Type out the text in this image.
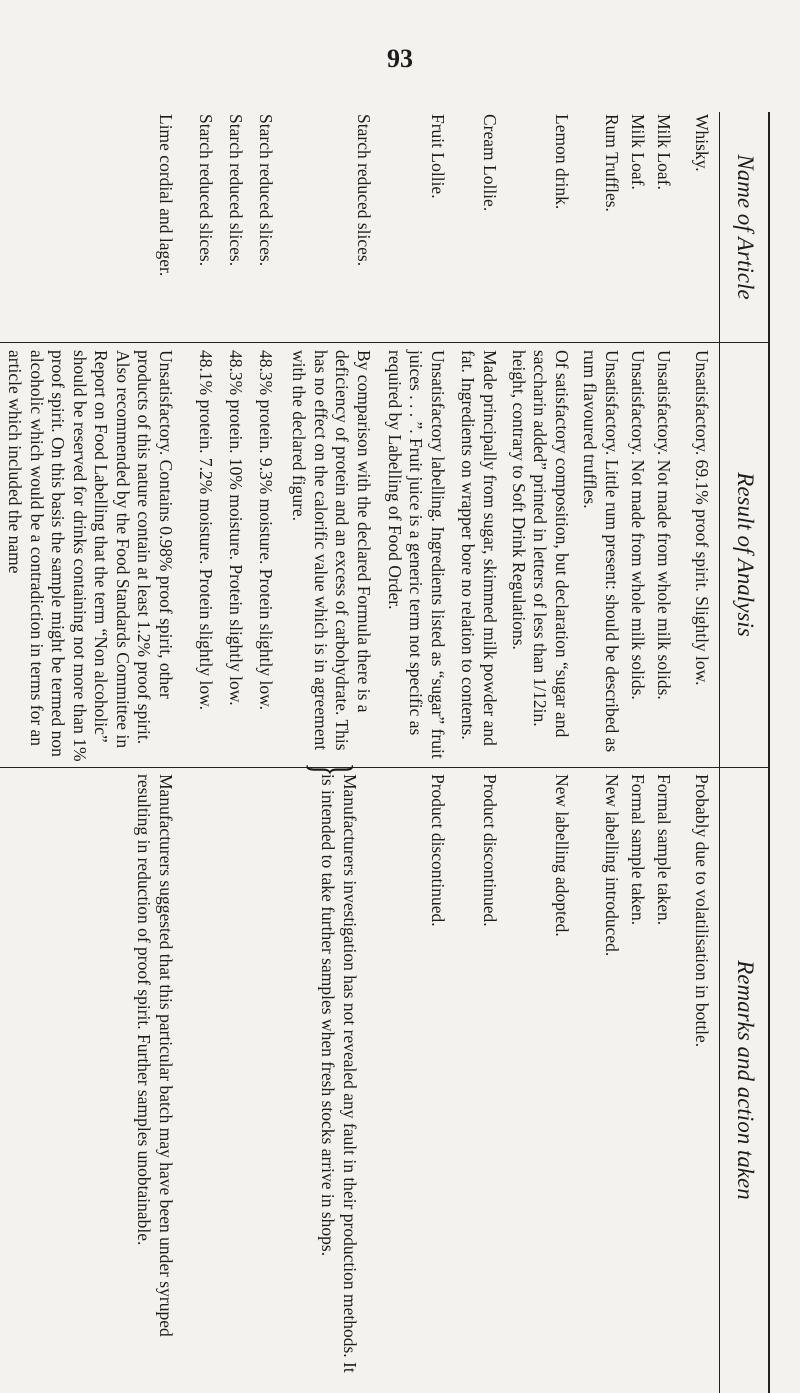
93
Name of Article
Result of Analysis
Remarks and action taken
Whisky.
Unsatisfactory. 69.1% proof spirit. Slightly low.
Probably due to volatilisation in bottle.
Milk Loaf.
Unsatisfactory. Not made from whole milk solids.
Formal sample taken.
Milk Loaf.
Unsatisfactory. Not made from whole milk solids.
Formal sample taken.
Rum Truffles.
Unsatisfactory. Little rum present: should be described as rum flavoured truffles.
New labelling introduced.
Lemon drink.
Of satisfactory composition, but declaration “sugar and saccharin added” printed in letters of less than 1/12in. height, contrary to Soft Drink Regulations.
New labelling adopted.
Cream Lollie.
Made principally from sugar, skimmed milk powder and fat. Ingredients on wrapper bore no relation to contents.
Product discontinued.
Fruit Lollie.
Unsatisfactory labelling. Ingredients listed as “sugar” fruit juices . . . ”. Fruit juice is a generic term not specific as required by Labelling of Food Order.
Product discontinued.
Starch reduced slices.
By comparison with the declared Formula there is a deficiency of protein and an excess of carbohydrate. This has no effect on the calorific value which is in agreement with the declared figure.
Starch reduced slices.
48.3% protein. 9.3% moisture. Protein slightly low.
Starch reduced slices.
48.3% protein. 10% moisture. Protein slightly low.
Starch reduced slices.
48.1% protein. 7.2% moisture. Protein slightly low.
}
Manufacturers investigation has not revealed any fault in their production methods. It is intended to take further samples when fresh stocks arrive in shops.
Lime cordial and lager.
Unsatisfactory. Contains 0.98% proof spirit, other products of this nature contain at least 1.2% proof spirit. Also recommended by the Food Standards Committee in Report on Food Labelling that the term “Non alcoholic” should be reserved for drinks containing not more than 1% proof spirit. On this basis the sample might be termed non alcoholic which would be a contradiction in terms for an article which included the name
Manufacturers suggested that this particular batch may have been under syruped resulting in reduction of proof spirit. Further samples unobtainable.
